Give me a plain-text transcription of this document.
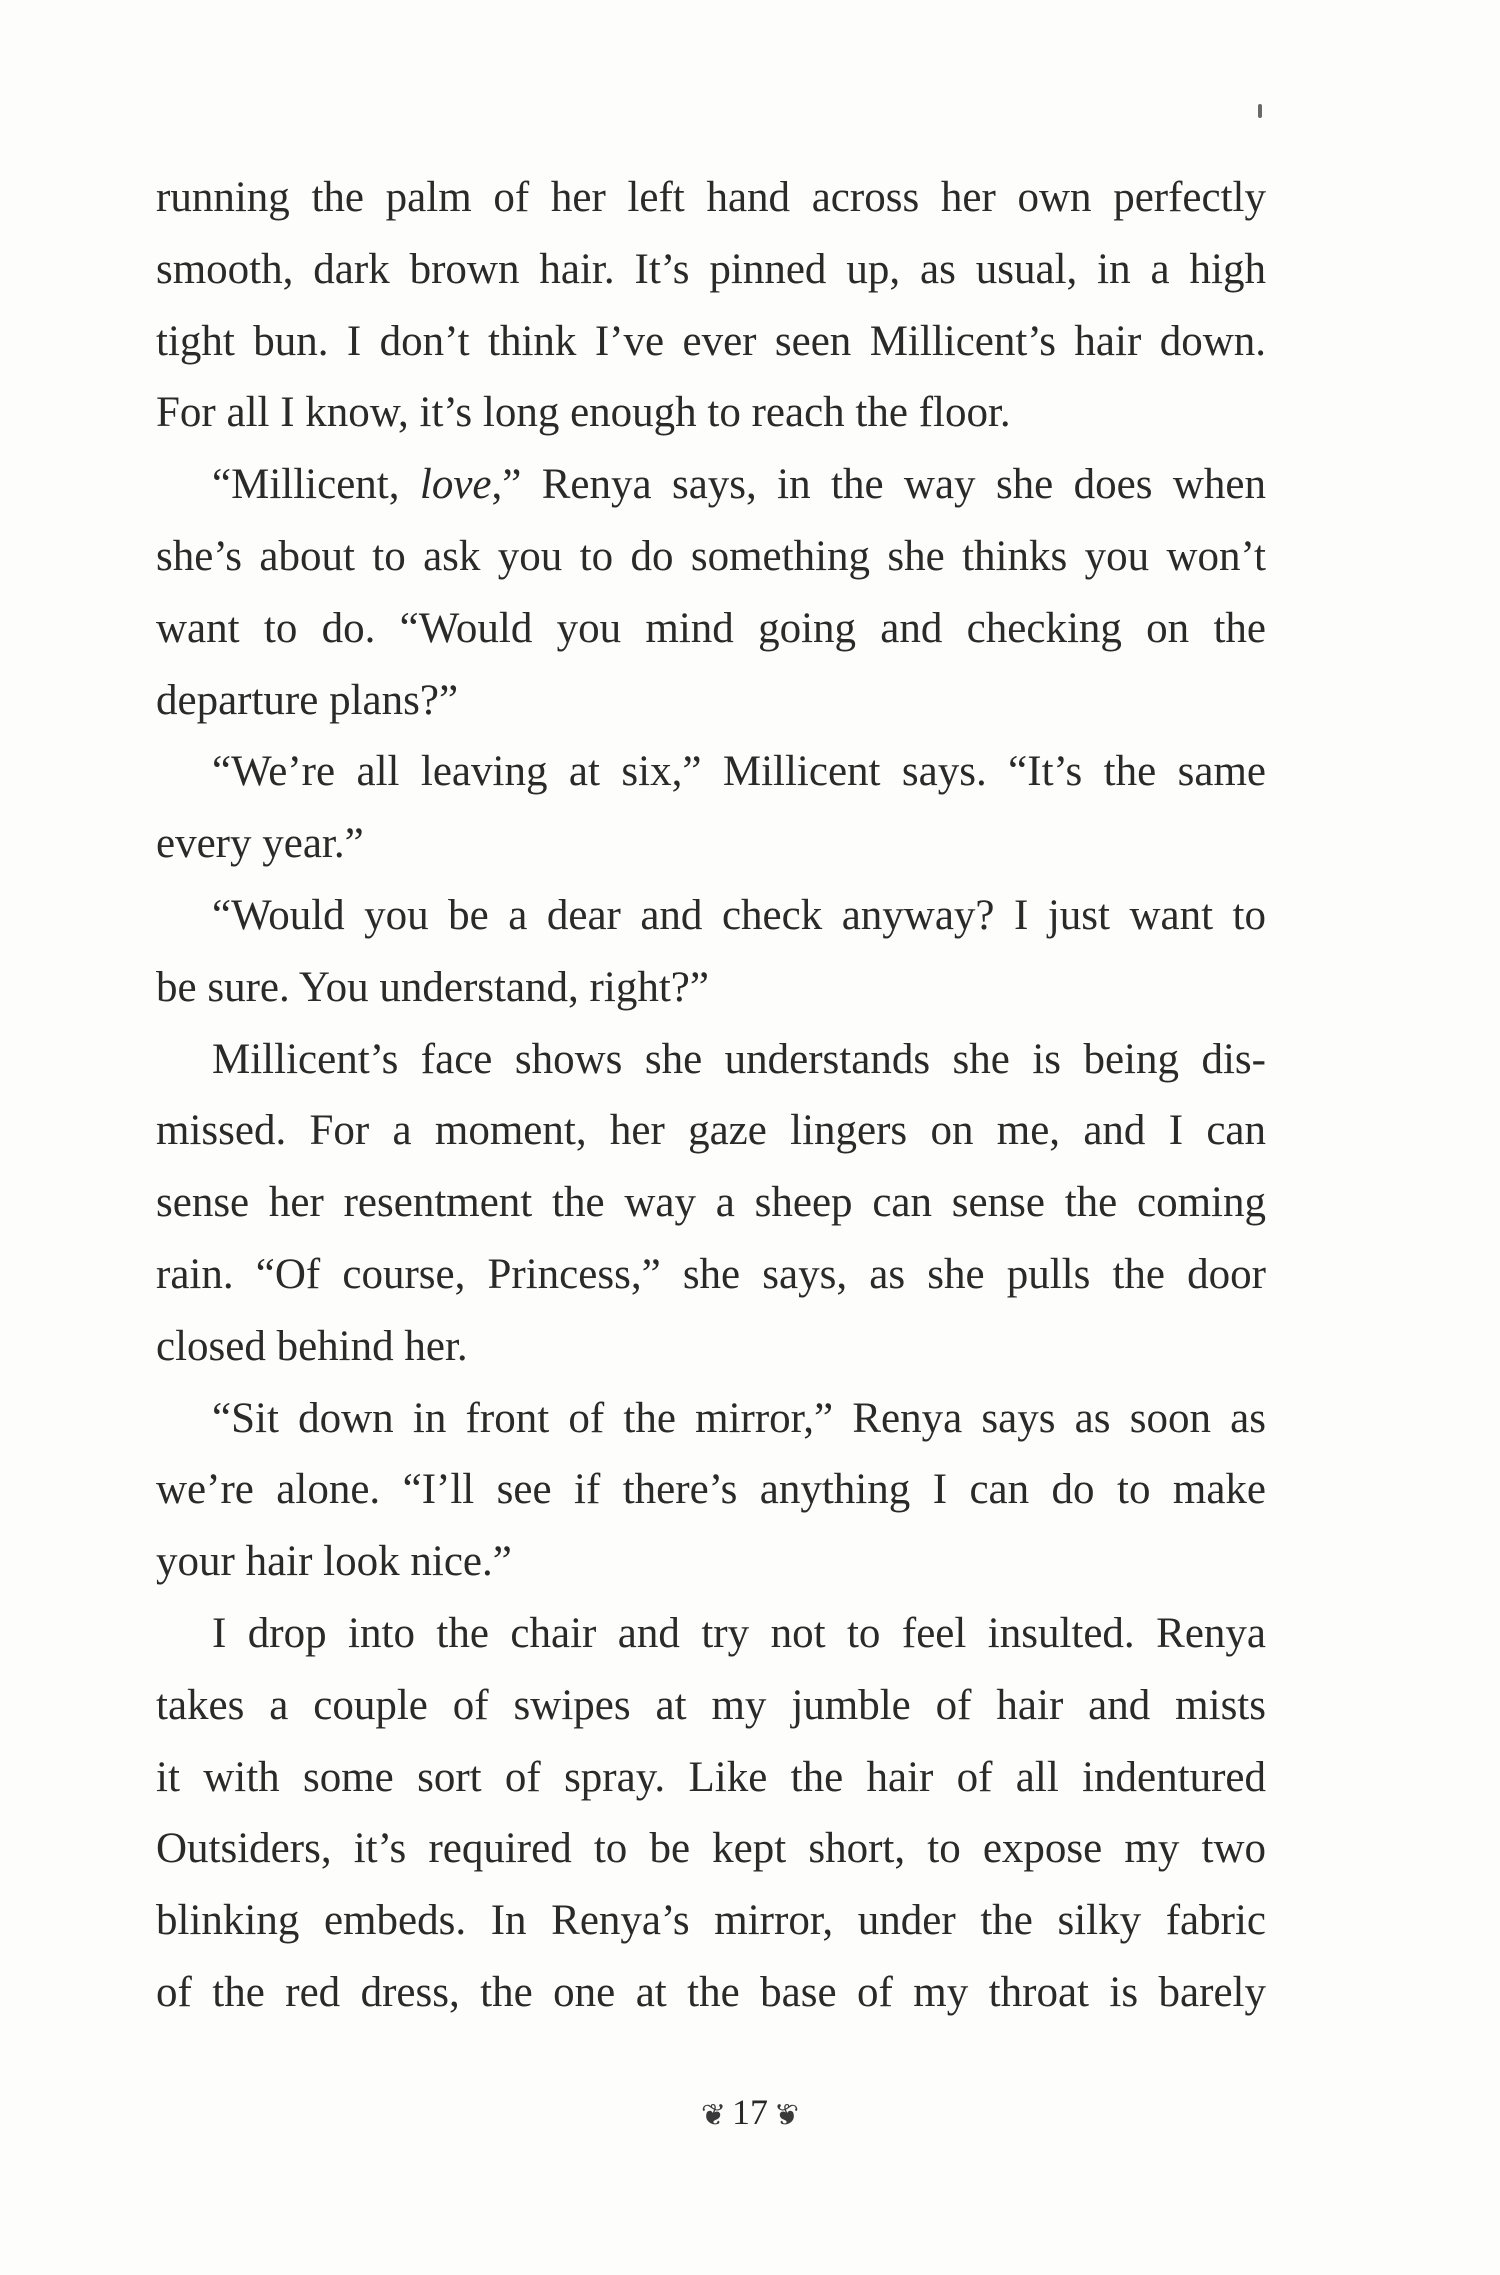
running the palm of her left hand across her own perfectly
smooth, dark brown hair. It’s pinned up, as usual, in a high
tight bun. I don’t think I’ve ever seen Millicent’s hair down.
For all I know, it’s long enough to reach the floor.
“Millicent, love,” Renya says, in the way she does when
she’s about to ask you to do something she thinks you won’t
want to do. “Would you mind going and checking on the
departure plans?”
“We’re all leaving at six,” Millicent says. “It’s the same
every year.”
“Would you be a dear and check anyway? I just want to
be sure. You understand, right?”
Millicent’s face shows she understands she is being dis-
missed. For a moment, her gaze lingers on me, and I can
sense her resentment the way a sheep can sense the coming
rain. “Of course, Princess,” she says, as she pulls the door
closed behind her.
“Sit down in front of the mirror,” Renya says as soon as
we’re alone. “I’ll see if there’s anything I can do to make
your hair look nice.”
I drop into the chair and try not to feel insulted. Renya
takes a couple of swipes at my jumble of hair and mists
it with some sort of spray. Like the hair of all indentured
Outsiders, it’s required to be kept short, to expose my two
blinking embeds. In Renya’s mirror, under the silky fabric
of the red dress, the one at the base of my throat is barely
❦ 17 ❦
